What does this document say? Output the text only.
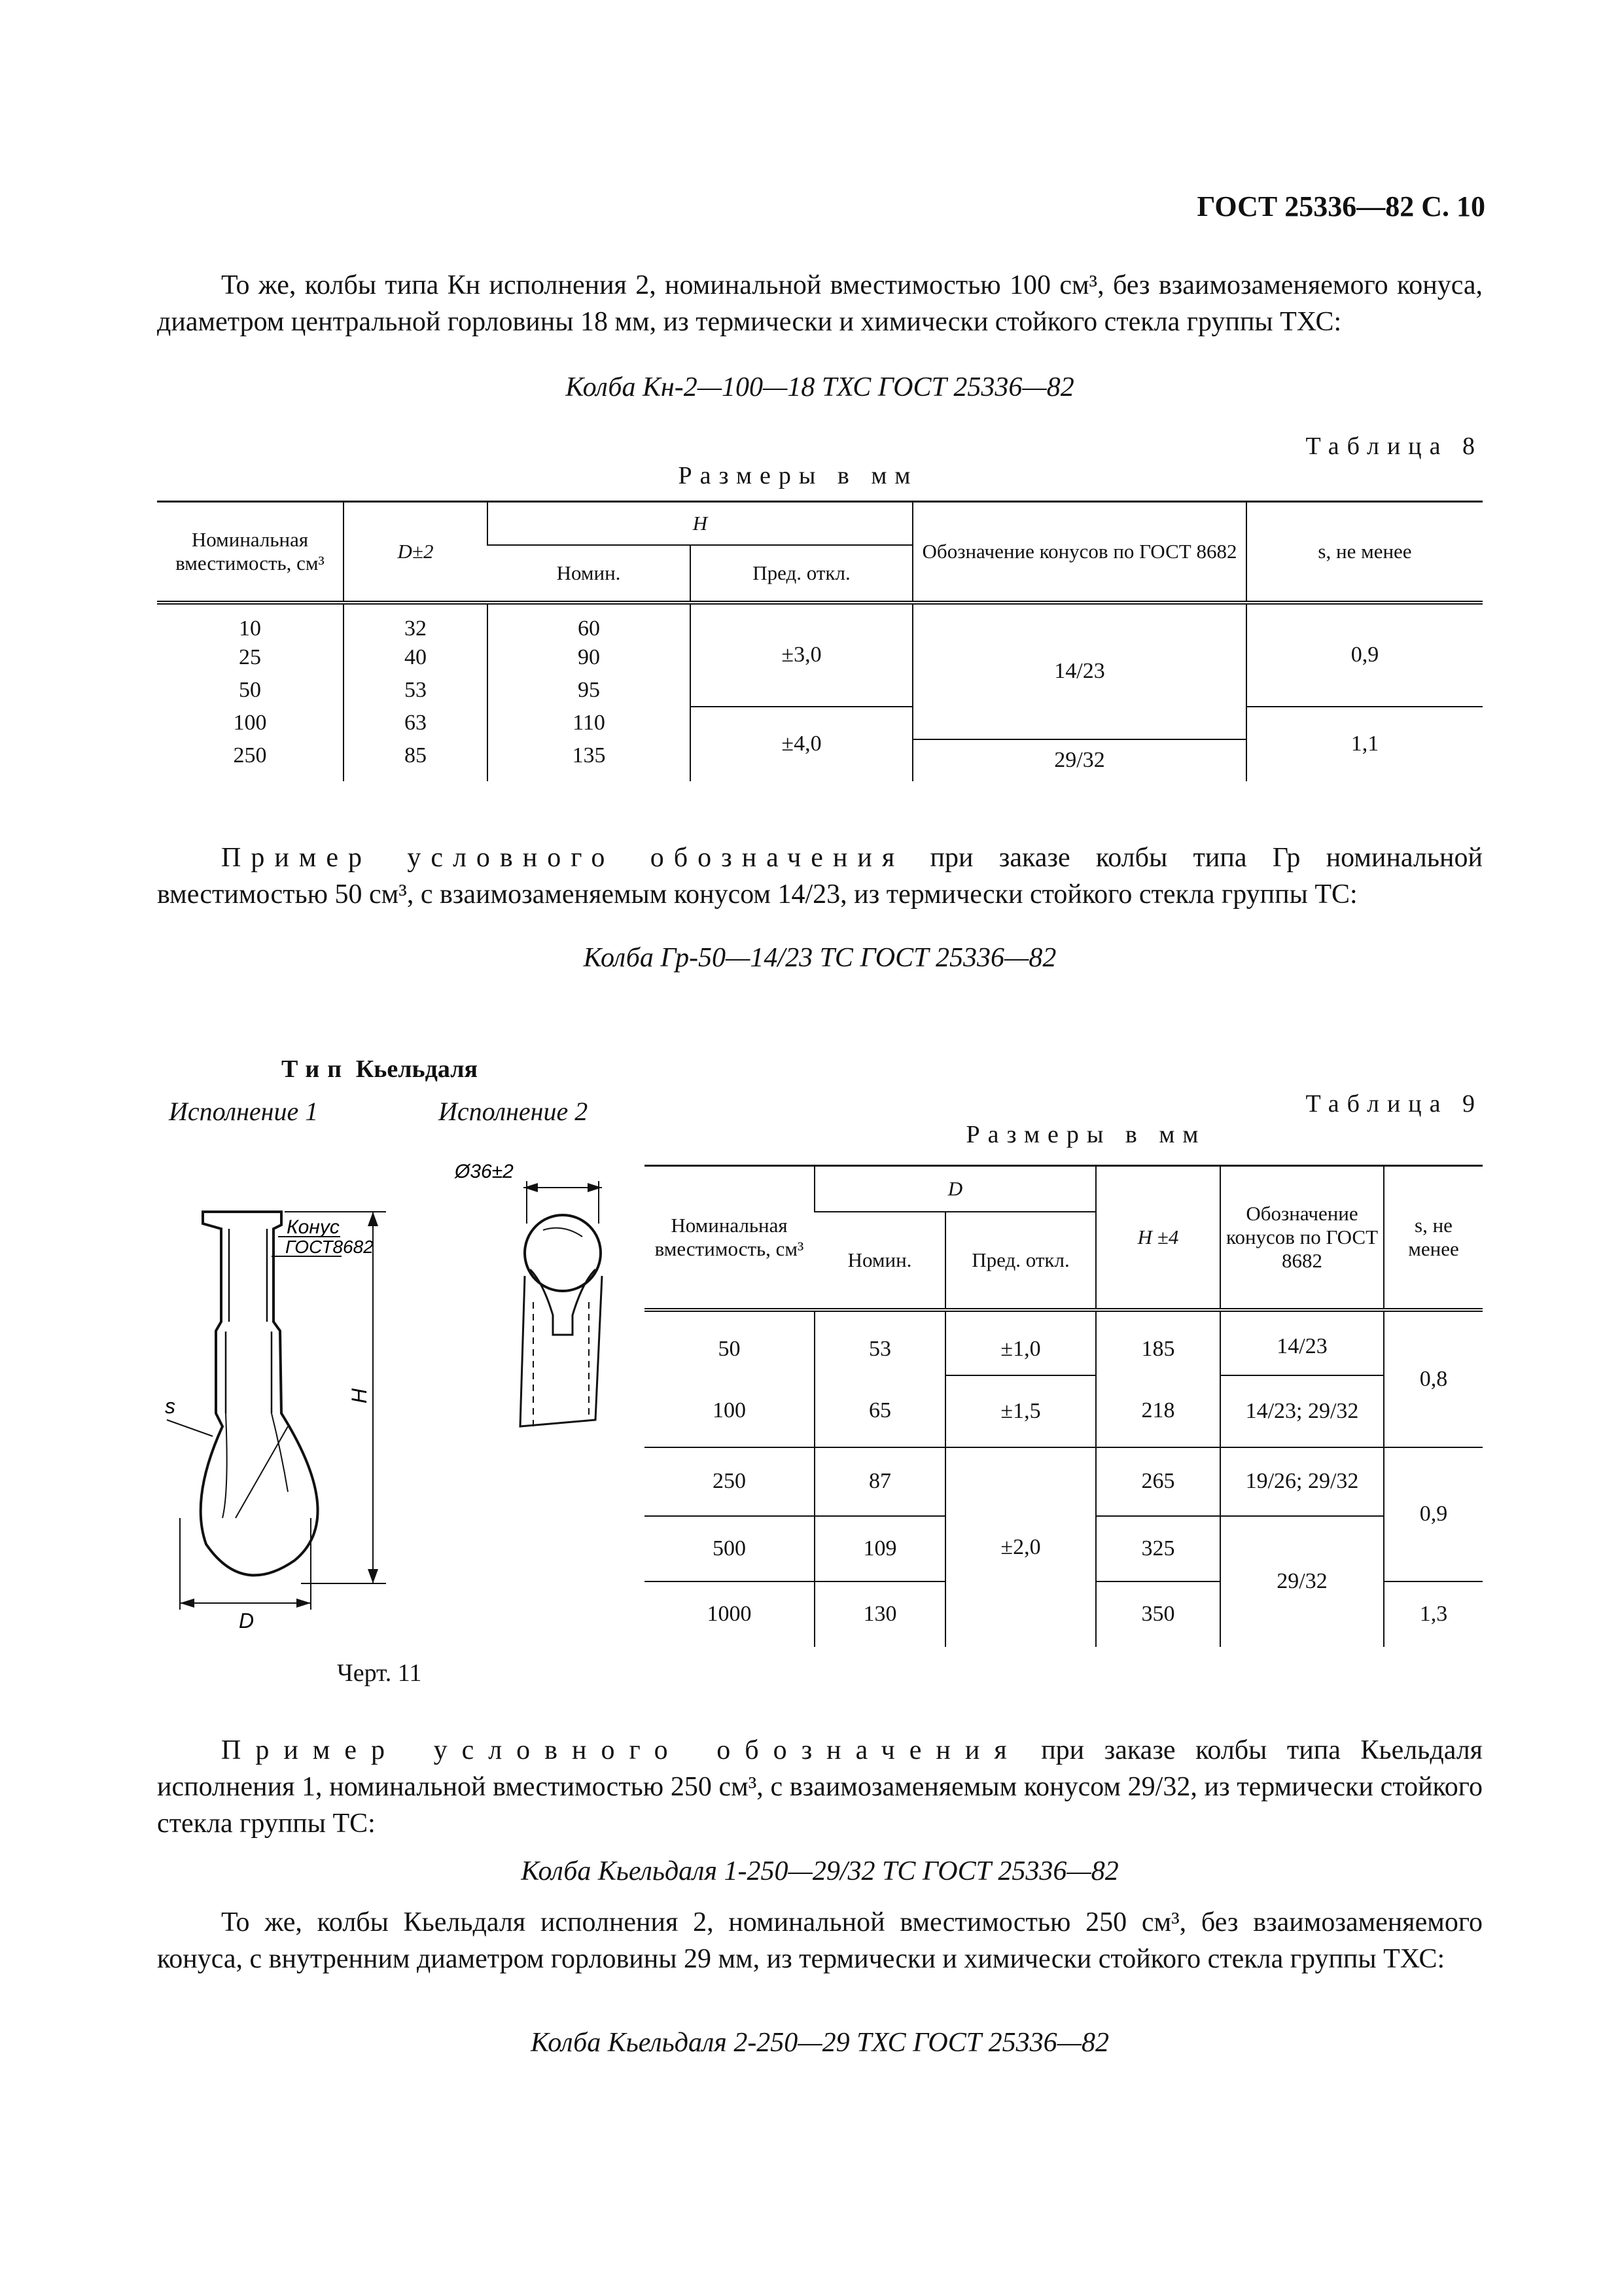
ГОСТ 25336—82 С. 10
То же, колбы типа Кн исполнения 2, номинальной вместимостью 100 см³, без взаимозаменяемого конуса, диаметром центральной горловины 18 мм, из термически и химически стойкого стекла группы ТХС:
Колба Кн-2—100—18 ТХС ГОСТ 25336—82
Таблица 8
Размеры в мм
Номинальная вместимость, см³	D±2	H		Обозначение конусов по ГОСТ 8682	s, не менее
		Номин.	Пред. откл.		
10	32	60	±3,0	14/23	0,9
25	40	90			
50	53	95			
100	63	110	±4,0		1,1
250	85	135		29/32	
Пример условного обозначения при заказе колбы типа Гр номинальной вместимостью 50 см³, с взаимозаменяемым конусом 14/23, из термически стойкого стекла группы ТС:
Колба Гр-50—14/23 ТС ГОСТ 25336—82
Тип Кьельдаля
Исполнение 1	Исполнение 2
Конус
ГОСТ8682
H
s
D
Ø36±2
Черт. 11
Таблица 9
Размеры в мм
Номинальная вместимость, см³	D		H ±4	Обозначение конусов по ГОСТ 8682	s, не менее
	Номин.	Пред. откл.			
50	53	±1,0	185	14/23	0,8
100	65	±1,5	218	14/23; 29/32	
250	87	±2,0	265	19/26; 29/32	0,9
500	109		325	29/32	
1000	130		350		1,3
Пример условного обозначения при заказе колбы типа Кьельдаля исполнения 1, номинальной вместимостью 250 см³, с взаимозаменяемым конусом 29/32, из термически стойкого стекла группы ТС:
Колба Кьельдаля 1-250—29/32 ТС ГОСТ 25336—82
То же, колбы Кьельдаля исполнения 2, номинальной вместимостью 250 см³, без взаимозаменяемого конуса, с внутренним диаметром горловины 29 мм, из термически и химически стойкого стекла группы ТХС:
Колба Кьельдаля 2-250—29 ТХС ГОСТ 25336—82
